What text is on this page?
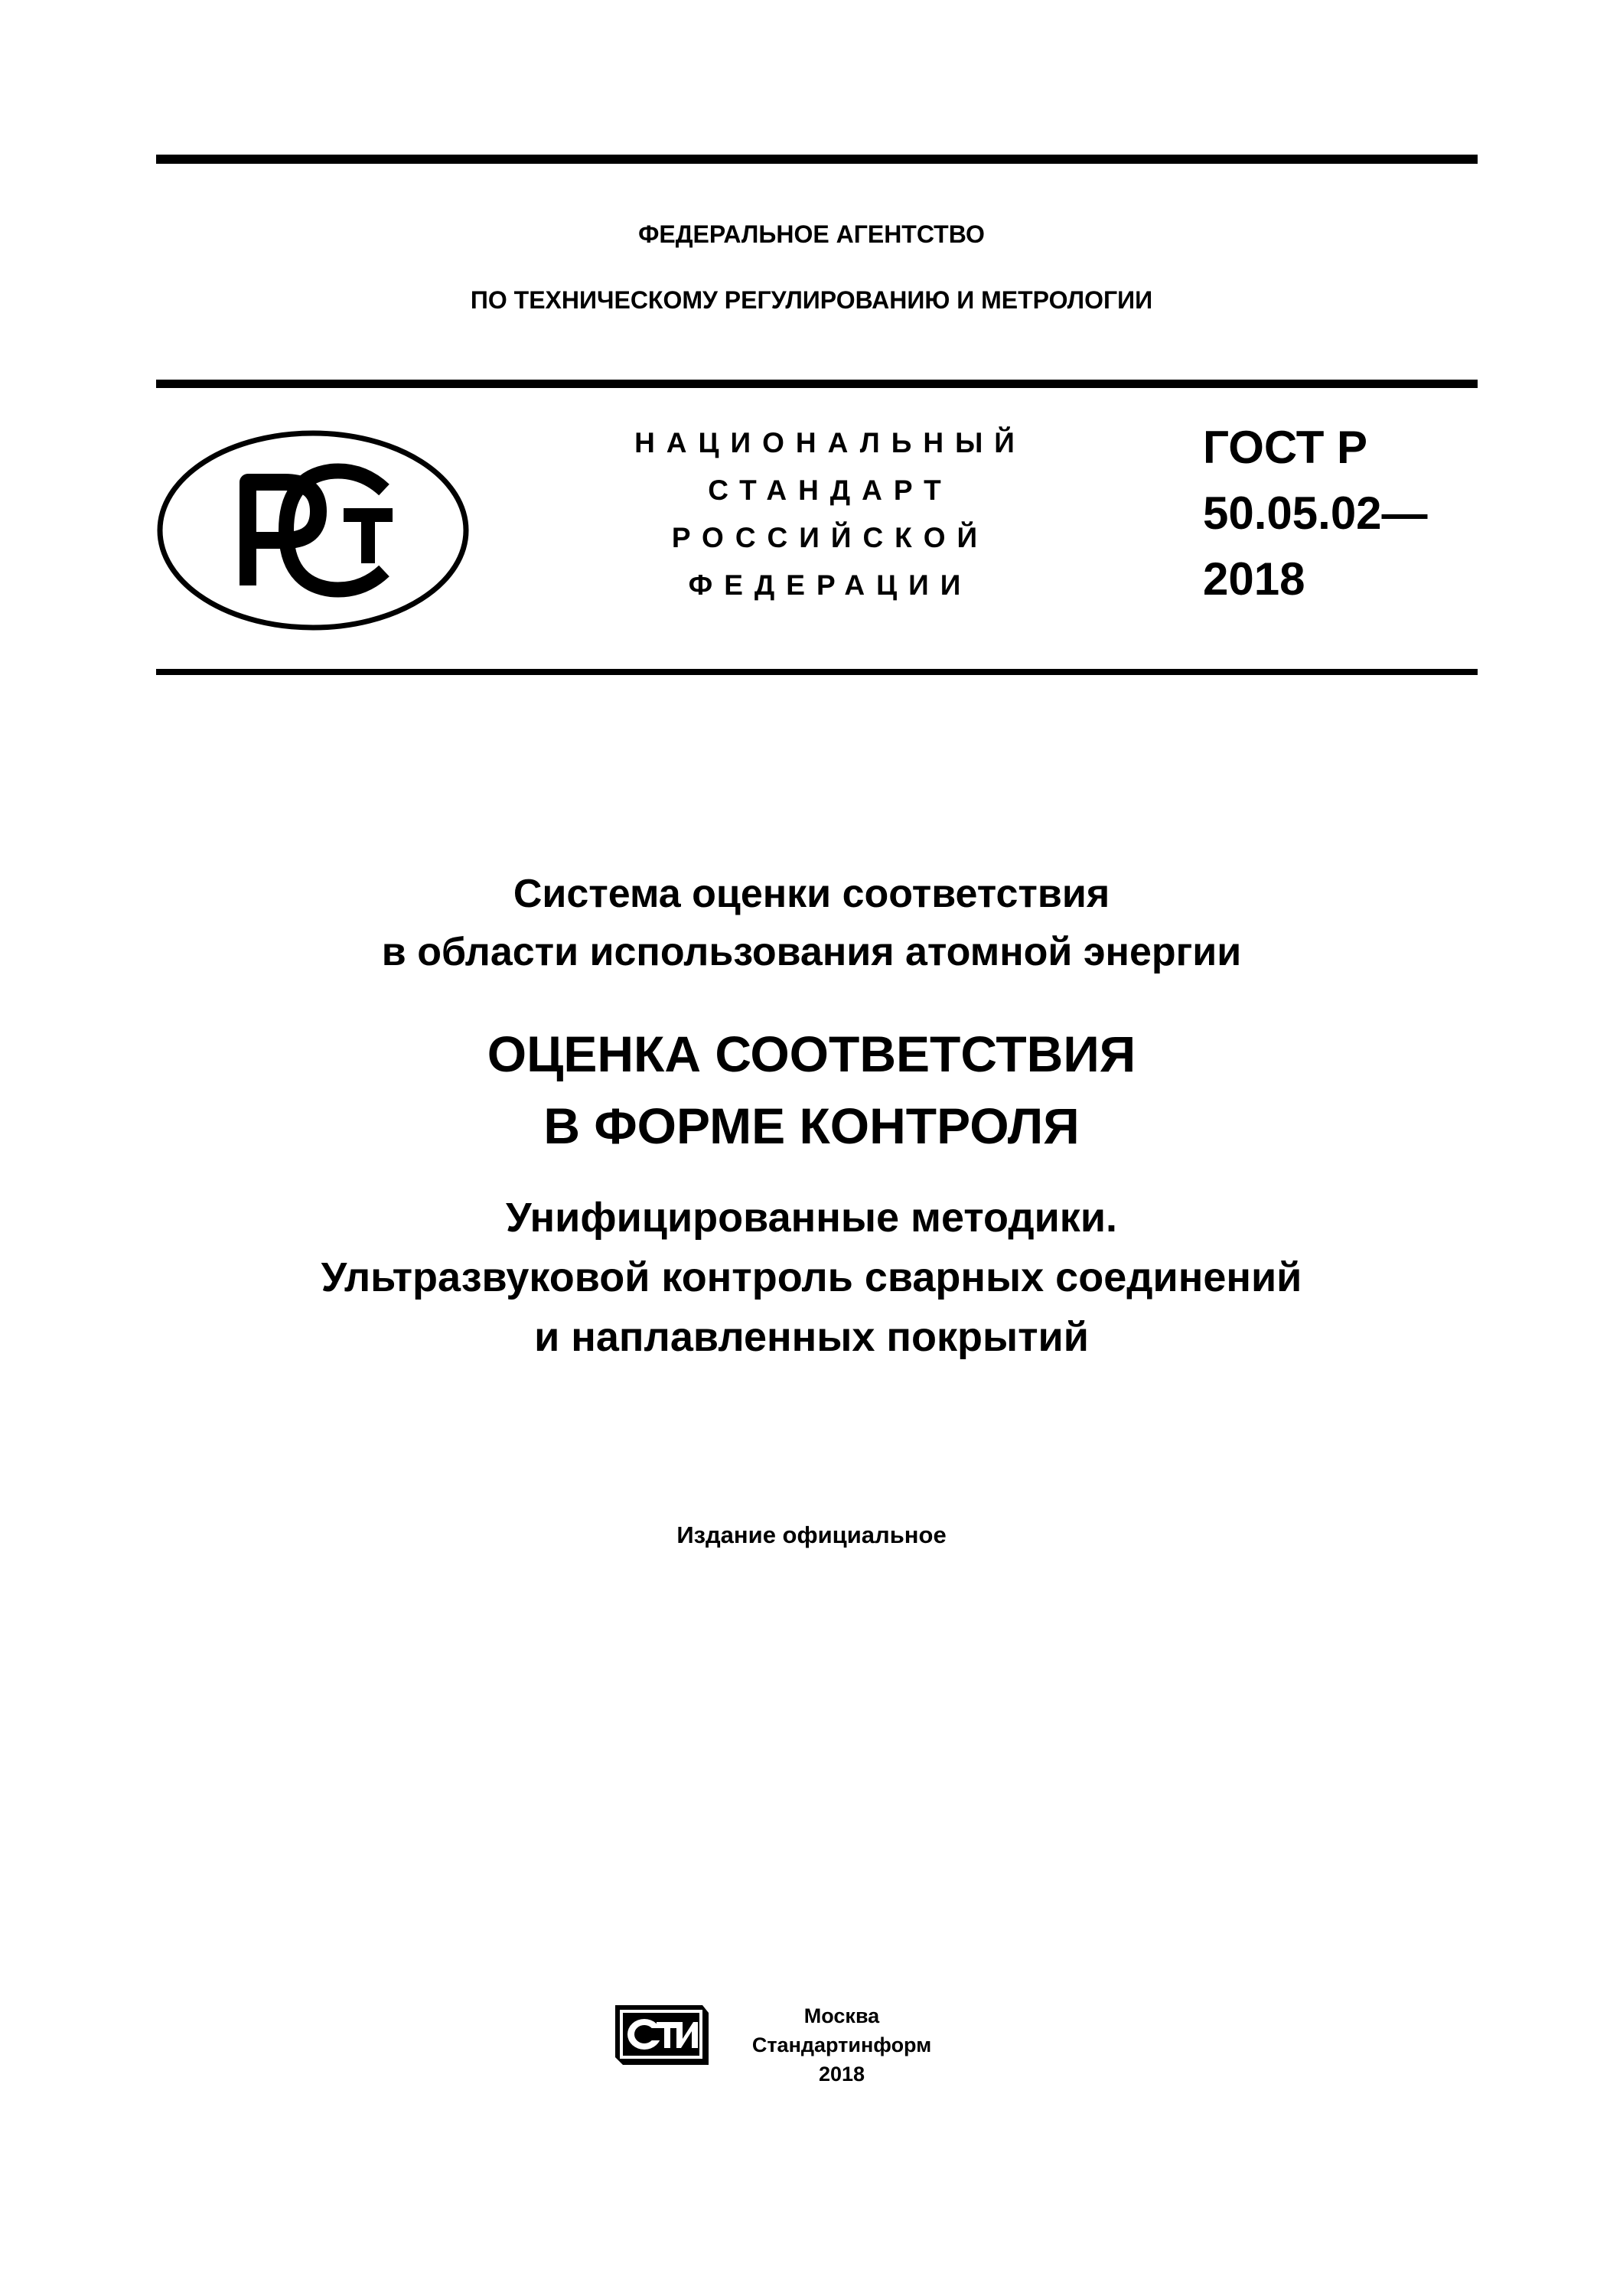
ФЕДЕРАЛЬНОЕ АГЕНТСТВО
ПО ТЕХНИЧЕСКОМУ РЕГУЛИРОВАНИЮ И МЕТРОЛОГИИ
НАЦИОНАЛЬНЫЙ
СТАНДАРТ
РОССИЙСКОЙ
ФЕДЕРАЦИИ
ГОСТ Р
50.05.02—
2018
Система оценки соответствия
в области использования атомной энергии
ОЦЕНКА СООТВЕТСТВИЯ
В ФОРМЕ КОНТРОЛЯ
Унифицированные методики.
Ультразвуковой контроль сварных соединений
и наплавленных покрытий
Издание официальное
Москва
Стандартинформ
2018
